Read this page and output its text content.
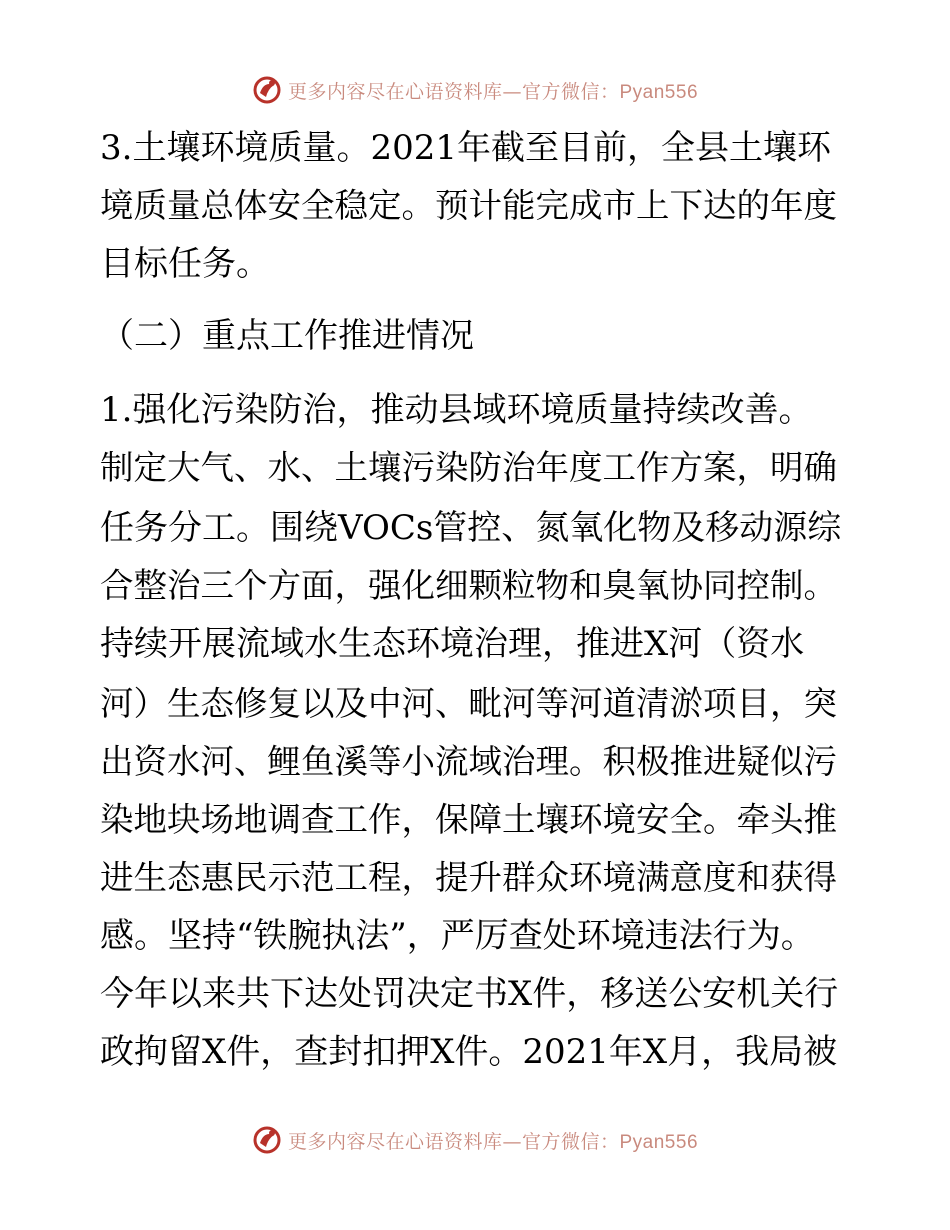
更多内容尽在心语资料库—官方微信：Pyan556
3.土壤环境质量。2021年截至目前，全县土壤环
境质量总体安全稳定。预计能完成市上下达的年度
目标任务。
（二）重点工作推进情况
1.强化污染防治，推动县域环境质量持续改善。
制定大气、水、土壤污染防治年度工作方案，明确
任务分工。围绕VOCs管控、氮氧化物及移动源综
合整治三个方面，强化细颗粒物和臭氧协同控制。
持续开展流域水生态环境治理，推进X河（资水
河）生态修复以及中河、毗河等河道清淤项目，突
出资水河、鲤鱼溪等小流域治理。积极推进疑似污
染地块场地调查工作，保障土壤环境安全。牵头推
进生态惠民示范工程，提升群众环境满意度和获得
感。坚持“铁腕执法”，严厉查处环境违法行为。
今年以来共下达处罚决定书X件，移送公安机关行
政拘留X件，查封扣押X件。2021年X月，我局被
更多内容尽在心语资料库—官方微信：Pyan556
